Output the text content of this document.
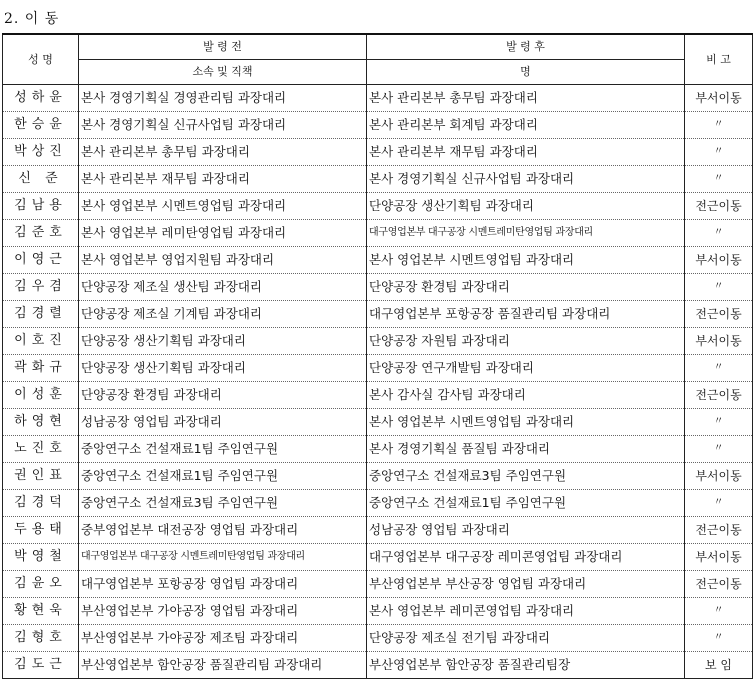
2. 이 동
성 명	발 령 전	발 령 후	비 고
	소속 및 직책	명	
성하윤	본사 경영기획실 경영관리팀 과장대리	본사 관리본부 총무팀 과장대리	부서이동
한승윤	본사 경영기획실 신규사업팀 과장대리	본사 관리본부 회계팀 과장대리	〃
박상진	본사 관리본부 총무팀 과장대리	본사 관리본부 재무팀 과장대리	〃
신 준	본사 관리본부 재무팀 과장대리	본사 경영기획실 신규사업팀 과장대리	〃
김남용	본사 영업본부 시멘트영업팀 과장대리	단양공장 생산기획팀 과장대리	전근이동
김준호	본사 영업본부 레미탄영업팀 과장대리	대구영업본부 대구공장 시멘트레미탄영업팀 과장대리	〃
이영근	본사 영업본부 영업지원팀 과장대리	본사 영업본부 시멘트영업팀 과장대리	부서이동
김우겸	단양공장 제조실 생산팀 과장대리	단양공장 환경팀 과장대리	〃
김경렬	단양공장 제조실 기계팀 과장대리	대구영업본부 포항공장 품질관리팀 과장대리	전근이동
이호진	단양공장 생산기획팀 과장대리	단양공장 자원팀 과장대리	부서이동
곽화규	단양공장 생산기획팀 과장대리	단양공장 연구개발팀 과장대리	〃
이성훈	단양공장 환경팀 과장대리	본사 감사실 감사팀 과장대리	전근이동
하영현	성남공장 영업팀 과장대리	본사 영업본부 시멘트영업팀 과장대리	〃
노진호	중앙연구소 건설재료1팀 주임연구원	본사 경영기획실 품질팀 과장대리	〃
권인표	중앙연구소 건설재료1팀 주임연구원	중앙연구소 건설재료3팀 주임연구원	부서이동
김경덕	중앙연구소 건설재료3팀 주임연구원	중앙연구소 건설재료1팀 주임연구원	〃
두용태	중부영업본부 대전공장 영업팀 과장대리	성남공장 영업팀 과장대리	전근이동
박영철	대구영업본부 대구공장 시멘트레미탄영업팀 과장대리	대구영업본부 대구공장 레미콘영업팀 과장대리	부서이동
김윤오	대구영업본부 포항공장 영업팀 과장대리	부산영업본부 부산공장 영업팀 과장대리	전근이동
황현욱	부산영업본부 가야공장 영업팀 과장대리	본사 영업본부 레미콘영업팀 과장대리	〃
김형호	부산영업본부 가야공장 제조팀 과장대리	단양공장 제조실 전기팀 과장대리	〃
김도근	부산영업본부 함안공장 품질관리팀 과장대리	부산영업본부 함안공장 품질관리팀장	보 임
